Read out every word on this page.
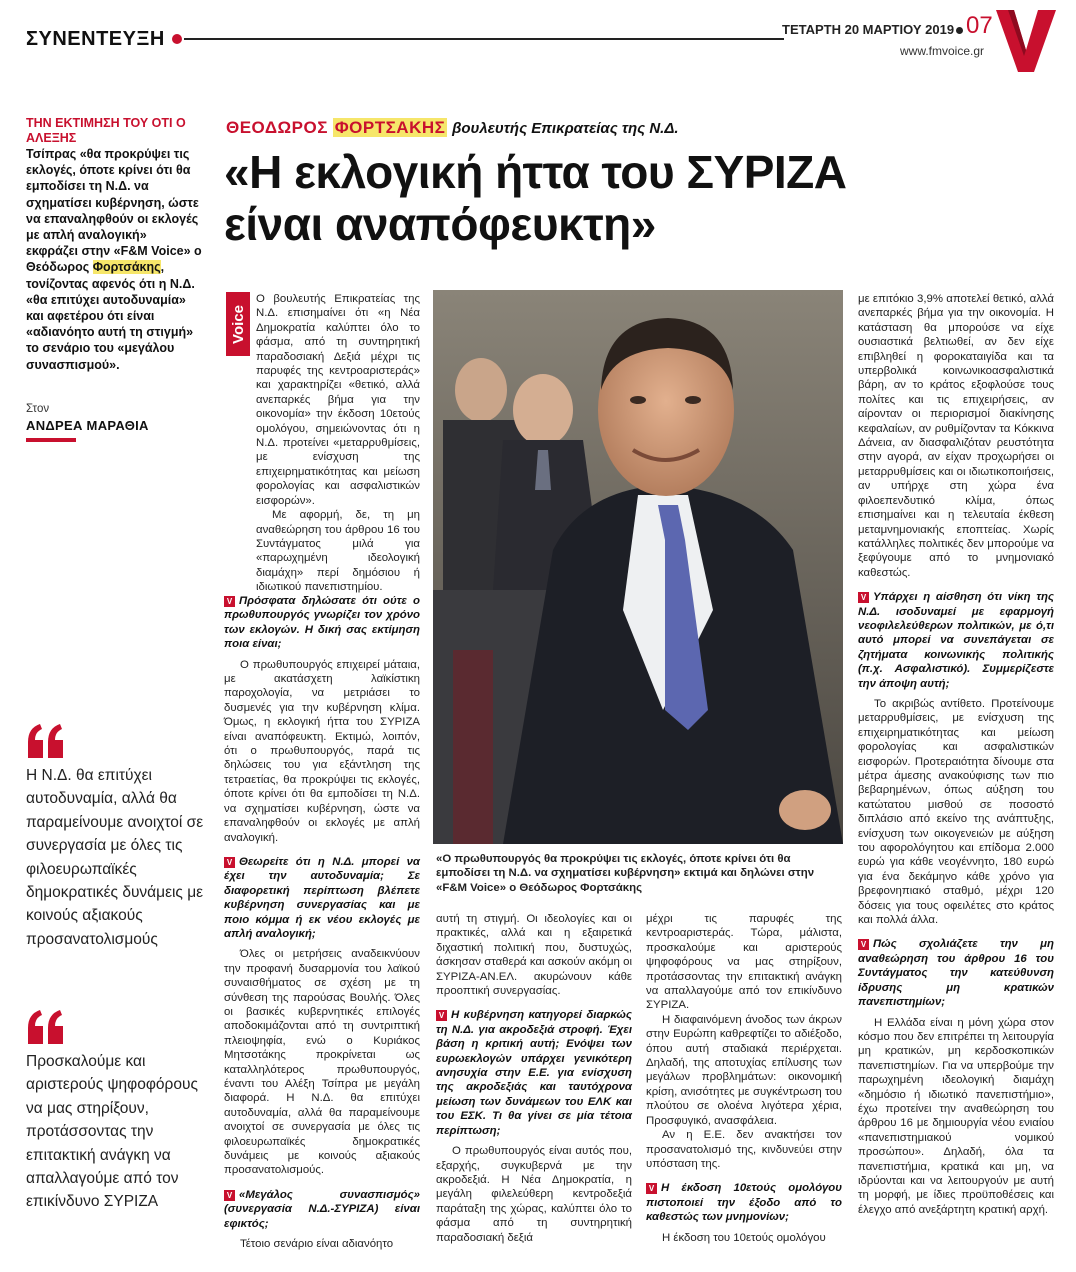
ΣΥΝΕΝΤΕΥΞΗ	ΤΕΤΑΡΤΗ 20 ΜΑΡΤΙΟΥ 2019 07
www.fmvoice.gr
ΤΗΝ ΕΚΤΙΜΗΣΗ ΤΟΥ ΟΤΙ Ο ΑΛΕΞΗΣ
Τσίπρας «θα προκρύψει τις εκλογές, όποτε κρίνει ότι θα εμποδίσει τη Ν.Δ. να σχηματίσει κυβέρνηση, ώστε να επαναληφθούν οι εκλογές με απλή αναλογική» εκφράζει στην «F&M Voice» ο Θεόδωρος Φορτσάκης, τονίζοντας αφενός ότι η Ν.Δ. «θα επιτύχει αυτοδυναμία» και αφετέρου ότι είναι «αδιανόητο αυτή τη στιγμή» το σενάριο του «μεγάλου συνασπισμού».
Στον
ΑΝΔΡΕΑ ΜΑΡΑΘΙΑ
Η Ν.Δ. θα επιτύχει αυτοδυναμία, αλλά θα παραμείνουμε ανοιχτοί σε συνεργασία με όλες τις φιλοευρωπαϊκές δημοκρατικές δυνάμεις με κοινούς αξιακούς προσανατολισμούς
Προσκαλούμε και αριστερούς ψηφοφόρους να μας στηρίξουν, προτάσσοντας την επιτακτική ανάγκη να απαλλαγούμε από τον επικίνδυνο ΣΥΡΙΖΑ
ΘΕΟΔΩΡΟΣ ΦΟΡΤΣΑΚΗΣ βουλευτής Επικρατείας της Ν.Δ.
«Η εκλογική ήττα του ΣΥΡΙΖΑ
είναι αναπόφευκτη»
Voice

Ο βουλευτής Επικρατείας της Ν.Δ. επισημαίνει ότι «η Νέα Δημοκρατία καλύπτει όλο το φάσμα, από τη συντηρητική παραδοσιακή Δεξιά μέχρι τις παρυφές της κεντροαριστεράς» και χαρακτηρίζει «θετικό, αλλά ανεπαρκές βήμα για την οικονομία» την έκδοση 10ετούς ομολόγου, σημειώνοντας ότι η Ν.Δ. προτείνει «μεταρρυθμίσεις, με ενίσχυση της επιχειρηματικότητας και μείωση φορολογίας και ασφαλιστικών εισφορών».

Με αφορμή, δε, τη μη αναθεώρηση του άρθρου 16 του Συντάγματος μιλά για «παρωχημένη ιδεολογική διαμάχη» περί δημόσιου ή ιδιωτικού πανεπιστημίου.

V Πρόσφατα δηλώσατε ότι ούτε ο πρωθυπουργός γνωρίζει τον χρόνο των εκλογών. Η δική σας εκτίμηση ποια είναι;

Ο πρωθυπουργός επιχειρεί μάταια, με ακατάσχετη λαϊκίστικη παροχολογία, να μετριάσει το δυσμενές για την κυβέρνηση κλίμα. Όμως, η εκλογική ήττα του ΣΥΡΙΖΑ είναι αναπόφευκτη. Εκτιμώ, λοιπόν, ότι ο πρωθυπουργός, παρά τις δηλώσεις του για εξάντληση της τετραετίας, θα προκρύψει τις εκλογές, όποτε κρίνει ότι θα εμποδίσει τη Ν.Δ. να σχηματίσει κυβέρνηση, ώστε να επαναληφθούν οι εκλογές με απλή αναλογική.

V Θεωρείτε ότι η Ν.Δ. μπορεί να έχει την αυτοδυναμία; Σε διαφορετική περίπτωση βλέπετε κυβέρνηση συνεργασίας και με ποιο κόμμα ή εκ νέου εκλογές με απλή αναλογική;

Όλες οι μετρήσεις αναδεικνύουν την προφανή δυσαρμονία του λαϊκού συναισθήματος σε σχέση με τη σύνθεση της παρούσας Βουλής. Όλες οι βασικές κυβερνητικές επιλογές αποδοκιμάζονται από τη συντριπτική πλειοψηφία, ενώ ο Κυριάκος Μητσοτάκης προκρίνεται ως καταλληλότερος πρωθυπουργός, έναντι του Αλέξη Τσίπρα με μεγάλη διαφορά. Η Ν.Δ. θα επιτύχει αυτοδυναμία, αλλά θα παραμείνουμε ανοιχτοί σε συνεργασία με όλες τις φιλοευρωπαϊκές δημοκρατικές δυνάμεις με κοινούς αξιακούς προσανατολισμούς.

V «Μεγάλος συνασπισμός» (συνεργασία Ν.Δ.-ΣΥΡΙΖΑ) είναι εφικτός;

Τέτοιο σενάριο είναι αδιανόητο

«Ο πρωθυπουργός θα προκρύψει τις εκλογές, όποτε κρίνει ότι θα εμποδίσει τη Ν.Δ. να σχηματίσει κυβέρνηση» εκτιμά και δηλώνει στην «F&M Voice» ο Θεόδωρος Φορτσάκης

αυτή τη στιγμή. Οι ιδεολογίες και οι πρακτικές, αλλά και η εξαιρετικά διχαστική πολιτική που, δυστυχώς, άσκησαν σταθερά και ασκούν ακόμη οι ΣΥΡΙΖΑ-ΑΝ.ΕΛ. ακυρώνουν κάθε προοπτική συνεργασίας.

V Η κυβέρνηση κατηγορεί διαρκώς τη Ν.Δ. για ακροδεξιά στροφή. Έχει βάση η κριτική αυτή; Ενόψει των ευρωεκλογών υπάρχει γενικότερη ανησυχία στην Ε.Ε. για ενίσχυση της ακροδεξιάς και ταυτόχρονα μείωση των δυνάμεων του ΕΛΚ και του ΕΣΚ. Τι θα γίνει σε μία τέτοια περίπτωση;

Ο πρωθυπουργός είναι αυτός που, εξαρχής, συγκυβερνά με την ακροδεξιά. Η Νέα Δημοκρατία, η μεγάλη φιλελεύθερη κεντροδεξιά παράταξη της χώρας, καλύπτει όλο το φάσμα από τη συντηρητική παραδοσιακή δεξιά

μέχρι τις παρυφές της κεντροαριστεράς. Τώρα, μάλιστα, προσκαλούμε και αριστερούς ψηφοφόρους να μας στηρίξουν, προτάσσοντας την επιτακτική ανάγκη να απαλλαγούμε από τον επικίνδυνο ΣΥΡΙΖΑ.

Η διαφαινόμενη άνοδος των άκρων στην Ευρώπη καθρεφτίζει το αδιέξοδο, όπου αυτή σταδιακά περιέρχεται. Δηλαδή, της αποτυχίας επίλυσης των μεγάλων προβλημάτων: οικονομική κρίση, ανισότητες με συγκέντρωση του πλούτου σε ολοένα λιγότερα χέρια, Προσφυγικό, ανασφάλεια.

Αν η Ε.Ε. δεν ανακτήσει τον προσανατολισμό της, κινδυνεύει στην υπόσταση της.

V Η έκδοση 10ετούς ομολόγου πιστοποιεί την έξοδο από το καθεστώς των μνημονίων;

Η έκδοση του 10ετούς ομολόγου

με επιτόκιο 3,9% αποτελεί θετικό, αλλά ανεπαρκές βήμα για την οικονομία. Η κατάσταση θα μπορούσε να είχε ουσιαστικά βελτιωθεί, αν δεν είχε επιβληθεί η φοροκαταιγίδα και τα υπερβολικά κοινωνικοασφαλιστικά βάρη, αν το κράτος εξοφλούσε τους πολίτες και τις επιχειρήσεις, αν αίρονταν οι περιορισμοί διακίνησης κεφαλαίων, αν ρυθμίζονταν τα Κόκκινα Δάνεια, αν διασφαλιζόταν ρευστότητα στην αγορά, αν είχαν προχωρήσει οι μεταρρυθμίσεις και οι ιδιωτικοποιήσεις, αν υπήρχε στη χώρα ένα φιλοεπενδυτικό κλίμα, όπως επισημαίνει και η τελευταία έκθεση μεταμνημονιακής εποπτείας. Χωρίς κατάλληλες πολιτικές δεν μπορούμε να ξεφύγουμε από το μνημονιακό καθεστώς.

V Υπάρχει η αίσθηση ότι νίκη της Ν.Δ. ισοδυναμεί με εφαρμογή νεοφιλελεύθερων πολιτικών, με ό,τι αυτό μπορεί να συνεπάγεται σε ζητήματα κοινωνικής πολιτικής (π.χ. Ασφαλιστικό). Συμμερίζεστε την άποψη αυτή;

Το ακριβώς αντίθετο. Προτείνουμε μεταρρυθμίσεις, με ενίσχυση της επιχειρηματικότητας και μείωση φορολογίας και ασφαλιστικών εισφορών. Προτεραιότητα δίνουμε στα μέτρα άμεσης ανακούφισης των πιο βεβαρημένων, όπως αύξηση του κατώτατου μισθού σε ποσοστό διπλάσιο από εκείνο της ανάπτυξης, ενίσχυση των οικογενειών με αύξηση του αφορολόγητου και επίδομα 2.000 ευρώ για κάθε νεογέννητο, 180 ευρώ για ένα δεκάμηνο κάθε χρόνο για βρεφονηπιακό σταθμό, μέχρι 120 δόσεις για τους οφειλέτες στο κράτος και πολλά άλλα.

V Πώς σχολιάζετε την μη αναθεώρηση του άρθρου 16 του Συντάγματος την κατεύθυνση ίδρυσης μη κρατικών πανεπιστημίων;

Η Ελλάδα είναι η μόνη χώρα στον κόσμο που δεν επιτρέπει τη λειτουργία μη κρατικών, μη κερδοσκοπικών πανεπιστημίων. Για να υπερβούμε την παρωχημένη ιδεολογική διαμάχη «δημόσιο ή ιδιωτικό πανεπιστήμιο», έχω προτείνει την αναθεώρηση του άρθρου 16 με δημιουργία νέου ενιαίου «πανεπιστημιακού νομικού προσώπου». Δηλαδή, όλα τα πανεπιστήμια, κρατικά και μη, να ιδρύονται και να λειτουργούν με αυτή τη μορφή, με ίδιες προϋποθέσεις και έλεγχο από ανεξάρτητη κρατική αρχή.
